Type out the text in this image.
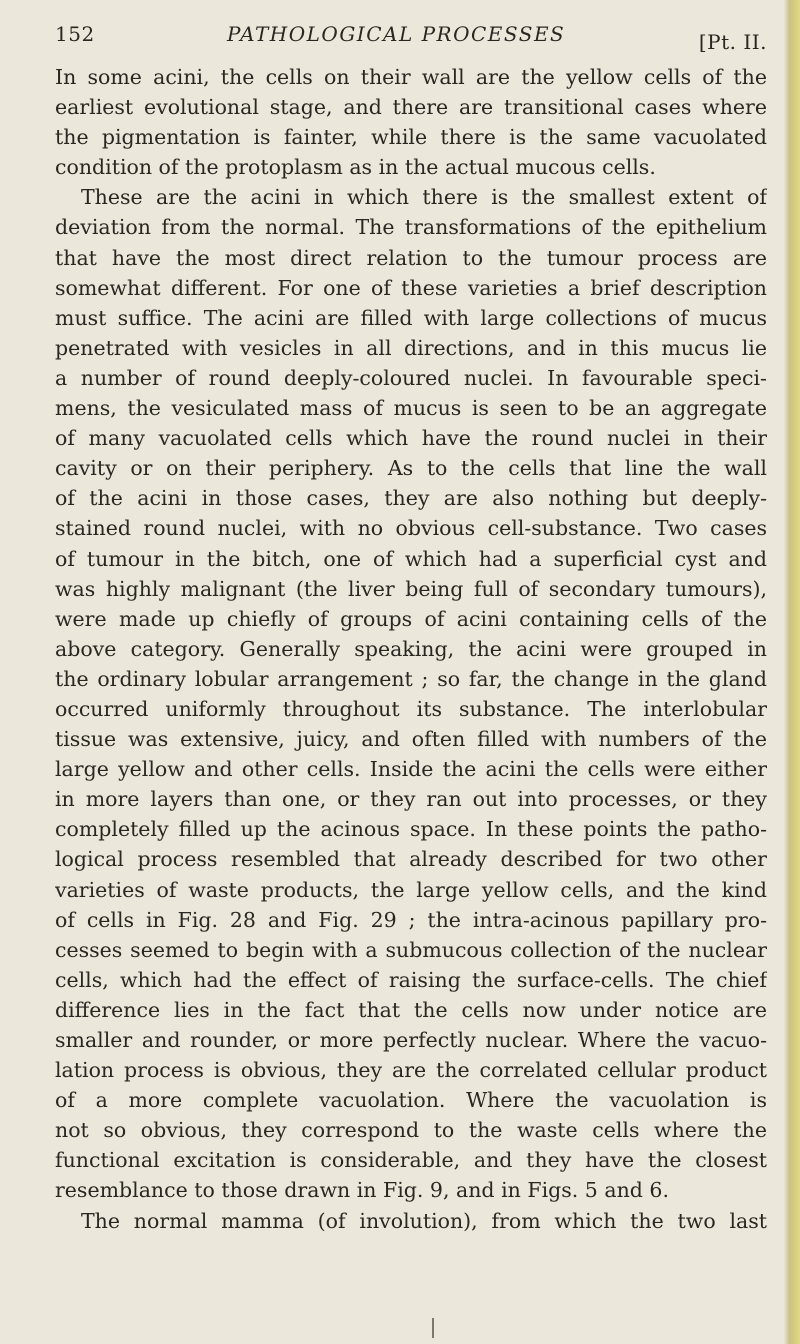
152	PATHOLOGICAL PROCESSES	[Pt. II.
In some acini, the cells on their wall are the yellow cells of the
earliest evolutional stage, and there are transitional cases where
the pigmentation is fainter, while there is the same vacuolated
condition of the protoplasm as in the actual mucous cells.
These are the acini in which there is the smallest extent of
deviation from the normal. The transformations of the epithelium
that have the most direct relation to the tumour process are
somewhat different. For one of these varieties a brief description
must suffice. The acini are filled with large collections of mucus
penetrated with vesicles in all directions, and in this mucus lie
a number of round deeply-coloured nuclei. In favourable speci-
mens, the vesiculated mass of mucus is seen to be an aggregate
of many vacuolated cells which have the round nuclei in their
cavity or on their periphery. As to the cells that line the wall
of the acini in those cases, they are also nothing but deeply-
stained round nuclei, with no obvious cell-substance. Two cases
of tumour in the bitch, one of which had a superficial cyst and
was highly malignant (the liver being full of secondary tumours),
were made up chiefly of groups of acini containing cells of the
above category. Generally speaking, the acini were grouped in
the ordinary lobular arrangement ; so far, the change in the gland
occurred uniformly throughout its substance. The interlobular
tissue was extensive, juicy, and often filled with numbers of the
large yellow and other cells. Inside the acini the cells were either
in more layers than one, or they ran out into processes, or they
completely filled up the acinous space. In these points the patho-
logical process resembled that already described for two other
varieties of waste products, the large yellow cells, and the kind
of cells in Fig. 28 and Fig. 29 ; the intra-acinous papillary pro-
cesses seemed to begin with a submucous collection of the nuclear
cells, which had the effect of raising the surface-cells. The chief
difference lies in the fact that the cells now under notice are
smaller and rounder, or more perfectly nuclear. Where the vacuo-
lation process is obvious, they are the correlated cellular product
of a more complete vacuolation. Where the vacuolation is
not so obvious, they correspond to the waste cells where the
functional excitation is considerable, and they have the closest
resemblance to those drawn in Fig. 9, and in Figs. 5 and 6.
The normal mamma (of involution), from which the two last
